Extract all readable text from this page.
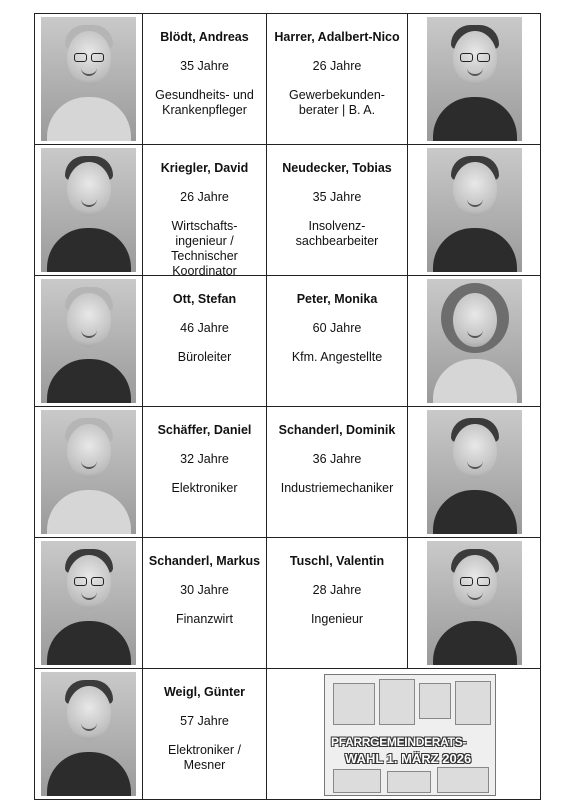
Blödt, Andreas
35 Jahre
Gesundheits- und
Krankenpfleger
Harrer, Adalbert-Nico
26 Jahre
Gewerbekunden-
berater | B. A.
Kriegler, David
26 Jahre
Wirtschafts-
ingenieur /
Technischer
Koordinator
Neudecker, Tobias
35 Jahre
Insolvenz-
sachbearbeiter
Ott, Stefan
46 Jahre
Büroleiter
Peter, Monika
60 Jahre
Kfm. Angestellte
Schäffer, Daniel
32 Jahre
Elektroniker
Schanderl, Dominik
36 Jahre
Industriemechaniker
Schanderl, Markus
30 Jahre
Finanzwirt
Tuschl, Valentin
28 Jahre
Ingenieur
Weigl, Günter
57 Jahre
Elektroniker /
Mesner
PFARRGEMEINDERATS-
WAHL 1. MÄRZ 2026
